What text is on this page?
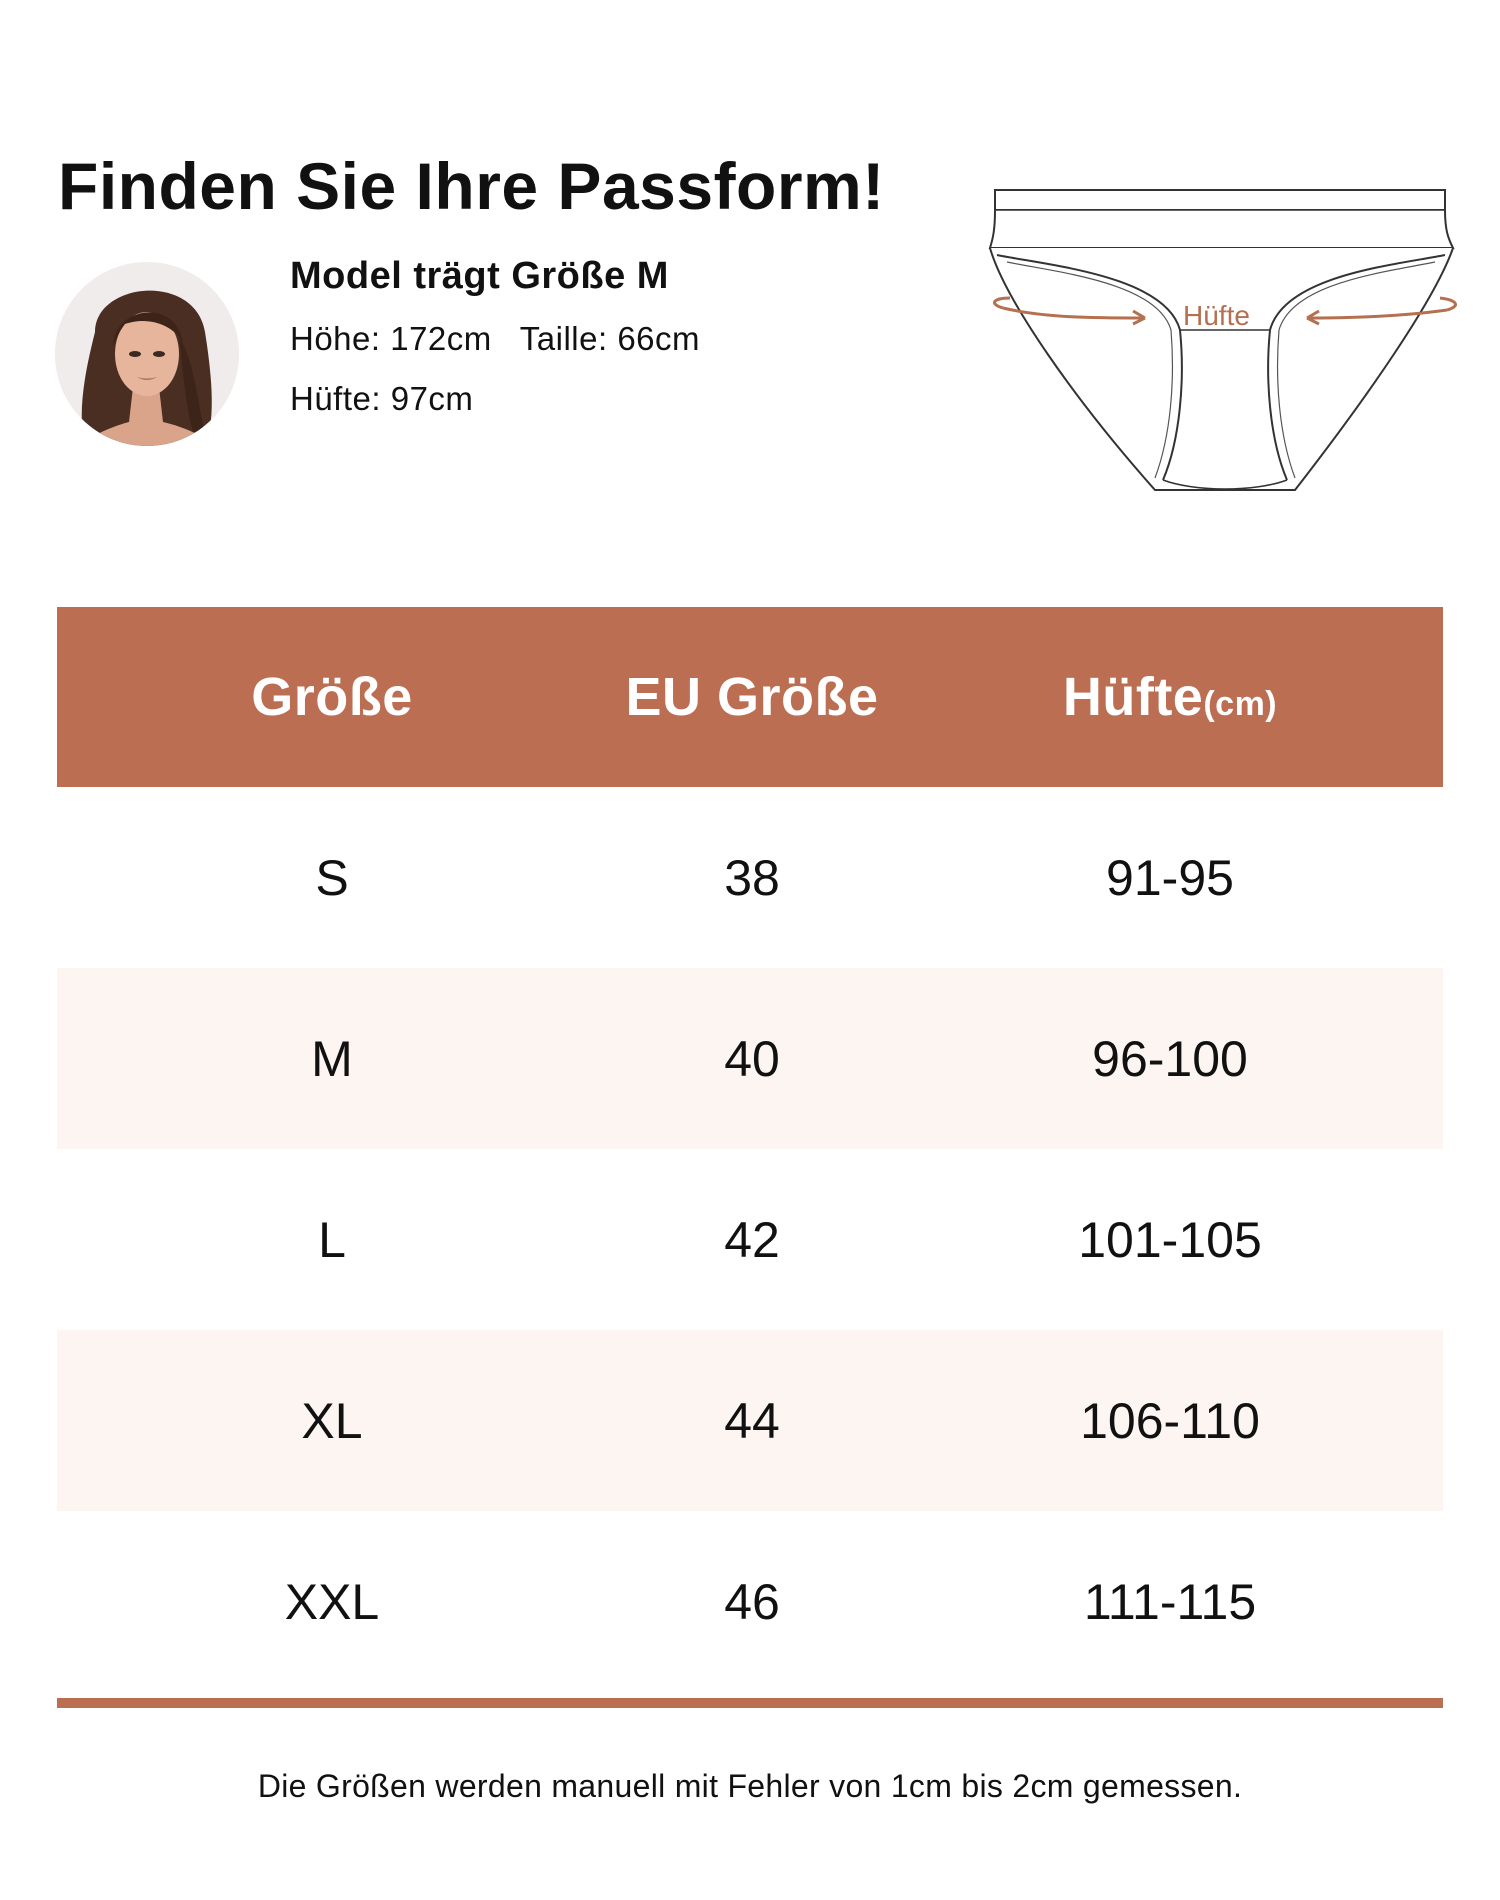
Finden Sie Ihre Passform!
Model trägt Größe M
Höhe: 172cm Taille: 66cm
Hüfte: 97cm
Hüfte
Größe	EU Größe	Hüfte(cm)
S	38	91-95
M	40	96-100
L	42	101-105
XL	44	106-110
XXL	46	111-115

Die Größen werden manuell mit Fehler von 1cm bis 2cm gemessen.
